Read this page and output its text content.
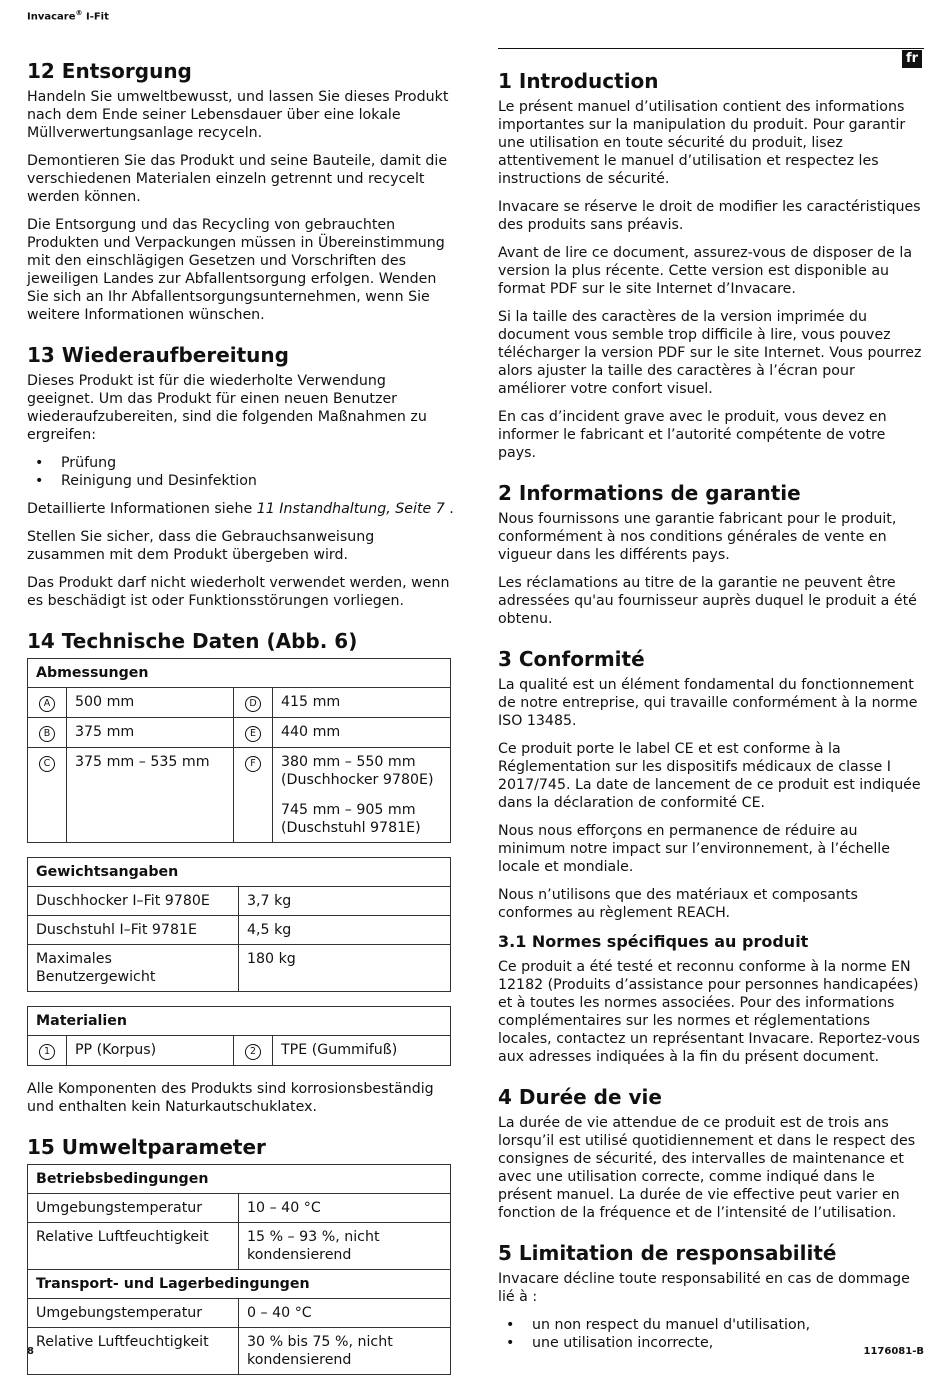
Invacare® I-Fit
fr
12 Entsorgung

Handeln Sie umweltbewusst, und lassen Sie dieses Produkt nach dem Ende seiner Lebensdauer über eine lokale Müllverwertungsanlage recyceln.

Demontieren Sie das Produkt und seine Bauteile, damit die verschiedenen Materialen einzeln getrennt und recycelt werden können.

Die Entsorgung und das Recycling von gebrauchten Produkten und Verpackungen müssen in Übereinstimmung mit den einschlägigen Gesetzen und Vorschriften des jeweiligen Landes zur Abfallentsorgung erfolgen. Wenden Sie sich an Ihr Abfallentsorgungsunternehmen, wenn Sie weitere Informationen wünschen.

13 Wiederaufbereitung

Dieses Produkt ist für die wiederholte Verwendung geeignet. Um das Produkt für einen neuen Benutzer wiederaufzubereiten, sind die folgenden Maßnahmen zu ergreifen:

• Prüfung
• Reinigung und Desinfektion

Detaillierte Informationen siehe 11 Instandhaltung, Seite 7 .

Stellen Sie sicher, dass die Gebrauchsanweisung zusammen mit dem Produkt übergeben wird.

Das Produkt darf nicht wiederholt verwendet werden, wenn es beschädigt ist oder Funktionsstörungen vorliegen.

14 Technische Daten (Abb. 6)
Abmessungen			
A	500 mm	D	415 mm
B	375 mm	E	440 mm
C	375 mm – 535 mm	F	380 mm – 550 mm (Duschhocker 9780E)
745 mm – 905 mm (Duschstuhl 9781E)
Gewichtsangaben	
Duschhocker I–Fit 9780E	3,7 kg
Duschstuhl I–Fit 9781E	4,5 kg
Maximales Benutzergewicht	180 kg
Materialien
1	PP (Korpus)	2	TPE (Gummifuß)

Alle Komponenten des Produkts sind korrosionsbeständig und enthalten kein Naturkautschuklatex.

15 Umweltparameter
Betriebsbedingungen	
Umgebungstemperatur	10 – 40 °C
Relative Luftfeuchtigkeit	15 % – 93 %, nicht kondensierend
Transport- und Lagerbedingungen	
Umgebungstemperatur	0 – 40 °C
Relative Luftfeuchtigkeit	30 % bis 75 %, nicht kondensierend
1 Introduction

Le présent manuel d’utilisation contient des informations importantes sur la manipulation du produit. Pour garantir une utilisation en toute sécurité du produit, lisez attentivement le manuel d’utilisation et respectez les instructions de sécurité.

Invacare se réserve le droit de modifier les caractéristiques des produits sans préavis.

Avant de lire ce document, assurez-vous de disposer de la version la plus récente. Cette version est disponible au format PDF sur le site Internet d’Invacare.

Si la taille des caractères de la version imprimée du document vous semble trop difficile à lire, vous pouvez télécharger la version PDF sur le site Internet. Vous pourrez alors ajuster la taille des caractères à l’écran pour améliorer votre confort visuel.

En cas d’incident grave avec le produit, vous devez en informer le fabricant et l’autorité compétente de votre pays.

2 Informations de garantie

Nous fournissons une garantie fabricant pour le produit, conformément à nos conditions générales de vente en vigueur dans les différents pays.

Les réclamations au titre de la garantie ne peuvent être adressées qu'au fournisseur auprès duquel le produit a été obtenu.

3 Conformité

La qualité est un élément fondamental du fonctionnement de notre entreprise, qui travaille conformément à la norme ISO 13485.

Ce produit porte le label CE et est conforme à la Réglementation sur les dispositifs médicaux de classe I 2017/745. La date de lancement de ce produit est indiquée dans la déclaration de conformité CE.

Nous nous efforçons en permanence de réduire au minimum notre impact sur l’environnement, à l’échelle locale et mondiale.

Nous n’utilisons que des matériaux et composants conformes au règlement REACH.

3.1 Normes spécifiques au produit

Ce produit a été testé et reconnu conforme à la norme EN 12182 (Produits d’assistance pour personnes handicapées) et à toutes les normes associées. Pour des informations complémentaires sur les normes et réglementations locales, contactez un représentant Invacare. Reportez-vous aux adresses indiquées à la fin du présent document.

4 Durée de vie

La durée de vie attendue de ce produit est de trois ans lorsqu’il est utilisé quotidiennement et dans le respect des consignes de sécurité, des intervalles de maintenance et avec une utilisation correcte, comme indiqué dans le présent manuel. La durée de vie effective peut varier en fonction de la fréquence et de l’intensité de l’utilisation.

5 Limitation de responsabilité

Invacare décline toute responsabilité en cas de dommage lié à :

• un non respect du manuel d'utilisation,
• une utilisation incorrecte,
8	1176081-B
